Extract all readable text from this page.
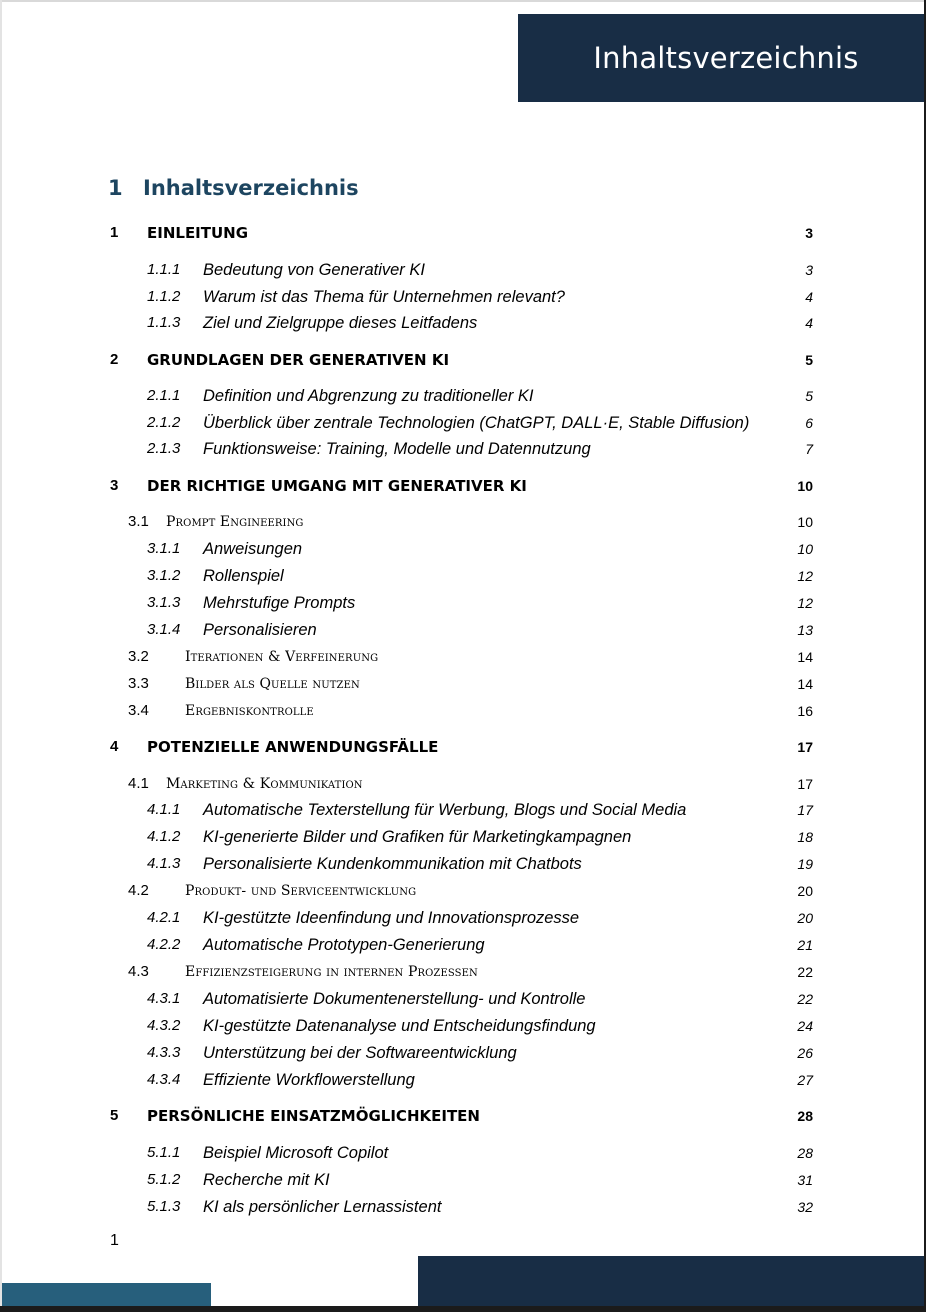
Inhaltsverzeichnis
1 Inhaltsverzeichnis
1 EINLEITUNG	3
1.1.1 Bedeutung von Generativer KI	3
1.1.2 Warum ist das Thema für Unternehmen relevant?	4
1.1.3 Ziel und Zielgruppe dieses Leitfadens	4
2 GRUNDLAGEN DER GENERATIVEN KI	5
2.1.1 Definition und Abgrenzung zu traditioneller KI	5
2.1.2 Überblick über zentrale Technologien (ChatGPT, DALL·E, Stable Diffusion)	6
2.1.3 Funktionsweise: Training, Modelle und Datennutzung	7
3 DER RICHTIGE UMGANG MIT GENERATIVER KI	10
3.1 Prompt Engineering	10
3.1.1 Anweisungen	10
3.1.2 Rollenspiel	12
3.1.3 Mehrstufige Prompts	12
3.1.4 Personalisieren	13
3.2	Iterationen & Verfeinerung	14
3.3	Bilder als Quelle nutzen	14
3.4	Ergebniskontrolle	16
4 POTENZIELLE ANWENDUNGSFÄLLE	17
4.1 Marketing & Kommunikation	17
4.1.1 Automatische Texterstellung für Werbung, Blogs und Social Media	17
4.1.2 KI-generierte Bilder und Grafiken für Marketingkampagnen	18
4.1.3 Personalisierte Kundenkommunikation mit Chatbots	19
4.2	Produkt- und Serviceentwicklung	20
4.2.1 KI-gestützte Ideenfindung und Innovationsprozesse	20
4.2.2 Automatische Prototypen-Generierung	21
4.3	Effizienzsteigerung in internen Prozessen	22
4.3.1 Automatisierte Dokumentenerstellung- und Kontrolle	22
4.3.2 KI-gestützte Datenanalyse und Entscheidungsfindung	24
4.3.3 Unterstützung bei der Softwareentwicklung	26
4.3.4 Effiziente Workflowerstellung	27
5 PERSÖNLICHE EINSATZMÖGLICHKEITEN	28
5.1.1 Beispiel Microsoft Copilot	28
5.1.2 Recherche mit KI	31
5.1.3 KI als persönlicher Lernassistent	32
1
